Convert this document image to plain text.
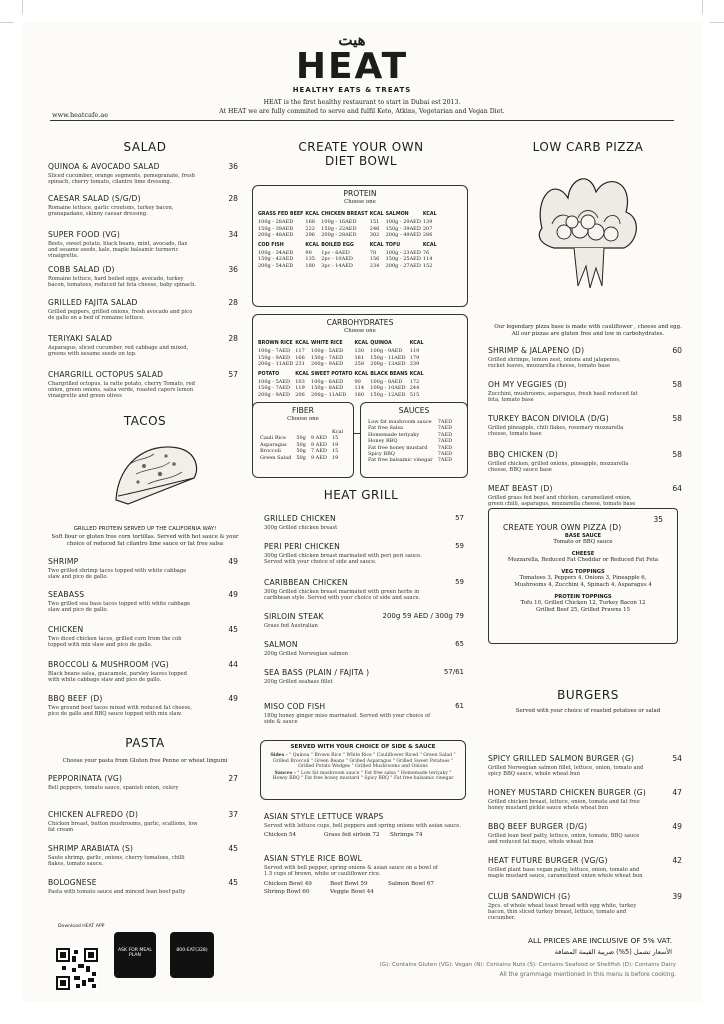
هيت
HEAT
HEALTHY EATS & TREATS
HEAT is the first healthy restaurant to start in Dubai est 2013.
At HEAT we are fully commited to serve and fulfil Keto, Atkins, Vegetarian and Vegan Diet.
www.heatcafe.ae
SALAD
QUINOA & AVOCADO SALAD	36
Sliced cucumber, orange segments, pomegranate, fresh spinach, cherry tomato, cilantro lime dressing.
CAESAR SALAD (S/G/D)	28
Romaine lettuce, garlic croutons, turkey bacon, granapadano, skinny caesar dressing.
SUPER FOOD (VG)	34
Beets, sweet potato, black beans, mint, avocado, flax and sesame seeds, kale, maple balsamic turmeric vinaigrette.
COBB SALAD (D)	36
Romaine lettuce, hard boiled eggs, avocado, turkey bacon, tomatoes, reduced fat feta cheese, baby spinach.
GRILLED FAJITA SALAD	28
Grilled peppers, grilled onions, fresh avocado and pico de gallo on a bed of romaine lettuce.
TERIYAKI SALAD	28
Asparagus, sliced cucumber, red cabbage and mixed, greens with sesame seeds on top.
CHARGRILL OCTOPUS SALAD	57
Chargrilled octopus, la ratte potato, cherry Tomato, red onion, green onions, salsa verde, roasted capers lemon vinaigrette and green olives
TACOS
GRILLED PROTEIN SERVED UP THE CALIFORNIA WAY!
Soft flour or gluten free corn tortillas. Served with hot sauce & your choice of reduced fat cilantro lime sauce or fat free salsa
SHRIMP	49
Two grilled shrimp tacos topped with white cabbage slaw and pico de gallo.
SEABASS	49
Two grilled sea bass tacos topped with white cabbage slaw and pico de gallo.
CHICKEN	45
Two diced chicken tacos, grilled corn from the cob topped with mix slaw and pico de gallo.
BROCCOLI & MUSHROOM (VG)	44
Black beans salsa, guacamole, parsley leaves topped with white cabbage slaw and pico de gallo.
BBQ BEEF (D)	49
Two ground beef tacos mixed with reduced fat cheese, pico de gallo and BBQ sauce topped with mix slaw.
PASTA
Choose your pasta from Gluten free Penne or wheat linguini
PEPPORINATA (VG)	27
Bell peppers, tomato sauce, spanish onion, celery
CHICKEN ALFREDO (D)	37
Chicken breast, button mushrooms, garlic, scallions, low fat cream
SHRIMP ARABIATA (S)	45
Saute shrimp, garlic, onions, cherry tomatoes, chilli flakes, tomato sauce.
BOLOGNESE	45
Pasta with tomato sauce and minced lean beef patty
CREATE YOUR OWN
DIET BOWL
PROTEIN
Choose one
GRASS FED BEEF	KCAL	CHICKEN BREAST	KCAL	SALMON	KCAL
100g - 28AED	168	100g - 16AED	151	100g - 29AED	139
150g - 39AED	222	150g - 22AED	246	150g - 39AED	207
200g - 48AED	296	200g - 28AED	302	200g - 49AED	286

COD FISH	KCAL	BOILED EGG	KCAL	TOFU	KCAL
100g - 34AED	90	1pc - 6AED	78	100g - 23AED	76
150g - 42AED	135	2pc - 10AED	156	150g - 25AED	114
200g - 54AED	180	3pc - 14AED	234	200g - 27AED	152
CARBOHYDRATES
Choose one
BROWN RICE	KCAL	WHITE RICE	KCAL	QUINOA	KCAL
100g - 7AED	117	100g - 5AED	130	100g - 9AED	119
150g - 9AED	166	150g - 7AED	181	150g - 11AED	179
200g - 11AED	231	200g - 9AED	258	200g - 13AED	239

POTATO	KCAL	SWEET POTATO	KCAL	BLACK BEANS	KCAL
100g - 5AED	103	100g - 6AED	90	100g - 8AED	172
150g - 7AED	119	150g - 8AED	114	100g - 10AED	244
200g - 9AED	206	200g - 11AED	180	150g - 12AED	515
FIBER
Choose one
			Kcal
Cauli Rice	50g	9 AED	15
Asparagus	50g	9 AED	19
Broccoli	50g	7 AED	15
Green Salad	50g	9 AED	19
SAUCES
Low fat mushroom sauce	7AED
Fat free Salsa	7AED
Homemade teriyaky	7AED
Honey BBQ	7AED
Fat free honey mustard	7AED
Spicy BBQ	7AED
Fat free balsamic vinegar	7AED
HEAT GRILL
GRILLED CHICKEN	57
300g Grilled chicken breast
PERI PERI CHICKEN	59
300g Grilled chicken breast marinated with peri peri sauce. Served with your choice of side and sauce.
CARIBBEAN CHICKEN	59
300g Grilled chicken breast marinated with green herbs in caribbean style. Served with your choice of side and sauce.
SIRLOIN STEAK	200g 59 AED / 300g 79
Grass fed Australian
SALMON	65
200g Grilled Norwegian salmon
SEA BASS (PLAIN / FAJITA )	57/61
200g Grilled seabass fillet
MISO COD FISH	61
180g honey ginger miso marinated. Served with your choice of side & sauce
SERVED WITH YOUR CHOICE OF SIDE & SAUCE
Sides - " Quinoa " Brown Rice " White Rice " Cauliflower Riced " Green Salad " Grilled Broccoli " Green Beans " Grilled Asparagus " Grilled Sweet Potatoes " Grilled Potato Wedges " Grilled Mushrooms and Onions
Sauces - " Low fat mushroom sauce " Fat free salsa " Homemade teriyaky " Honey BBQ " Fat free honey mustard " Spicy BBQ " Fat free balsamic vinegar
ASIAN STYLE LETTUCE WRAPS
Served with lettuce cups, bell peppers and spring onions with asian sauce.
Chicken 54	Grass fed sirloin 72 Shrimps 74
ASIAN STYLE RICE BOWL
Served with bell pepper, spring onions & asian sauce on a bowl of 1.5 cups of brown, white or cauliflower rice.
Chicken Bowl 49	Beef Bowl 59	Salmon Bowl 67
Shrimp Bowl 60	Veggie Bowl 44
LOW CARB PIZZA
Our legendary pizza base is made with cauliflower , cheese and egg.
All our pizzas are gluten free and low in carbohydrates.
SHRIMP & JALAPENO (D)	60
Grilled shrimps, lemon zest, onions and jalapenos, rocket leaves, mozzarella cheese, tomato base
OH MY VEGGIES (D)	58
Zucchini, mushrooms, asparagus, fresh basil reduced fat feta, tomato base
TURKEY BACON DIVIOLA (D/G)	58
Grilled pineapple, chili flakes, rosemary mozzarella cheese, tomato base
BBQ CHICKEN (D)	58
Grilled chicken, grilled onions, pineapple, mozzarella cheese, BBQ sauce base
MEAT BEAST (D)	64
Grilled grass fed beef and chicken, caramelized onion, green chilli, asparagus, mozzarella cheese, tomato base
CREATE YOUR OWN PIZZA (D)
35
BASE SAUCE
Tomato or BBQ sauce
CHEESE
Mozzarella, Reduced Fat Cheddar or Reduced Fat Feta
VEG TOPPINGS
Tomatoes 3, Peppers 4, Onions 3, Pineapple 6,
Mushrooms 4, Zucchini 4, Spinach 4, Asparagus 4
PROTEIN TOPPINGS
Tofu 10, Grilled Chicken 12, Turkey Bacon 12
Grilled Beef 25, Grilled Prawns 15
BURGERS
Served with your choice of roasted potatoes or salad
SPICY GRILLED SALMON BURGER (G)	54
Grilled Norwegian salmon fillet, lettuce, onion, tomato and spicy BBQ sauce, whole wheat bun
HONEY MUSTARD CHICKEN BURGER (G)	47
Grilled chicken breast, lettuce, onion, tomato and fat free honey mustard pickle sauce whole wheat bun
BBQ BEEF BURGER (D/G)	49
Grilled lean beef patty, lettuce, onion, tomato, BBQ sauce and reduced fat mayo, whole wheat bun
HEAT FUTURE BURGER (VG/G)	42
Grilled plant base vegan patty, lettuce, onion, tomato and maple mustard sauce, caramelized onion whole wheat bun
CLUB SANDWICH (G)	39
2pcs. of whole wheat toast bread with egg white, turkey bacon, thin sliced turkey breast, lettuce, tomato and cucumber.
Download HEAT APP
ASK FOR MEAL PLAN
800-EAT(328)
ALL PRICES ARE INCLUSIVE OF 5% VAT.
الأسعار تشمل (5%) ضريبة القيمة المضافة
(G): Contains Gluten (VG): Vegan (N): Contains Nuts (S): Contains Seafood or Shellfish (D): Contains Dairy
All the grammage mentioned in this menu is before cooking.
